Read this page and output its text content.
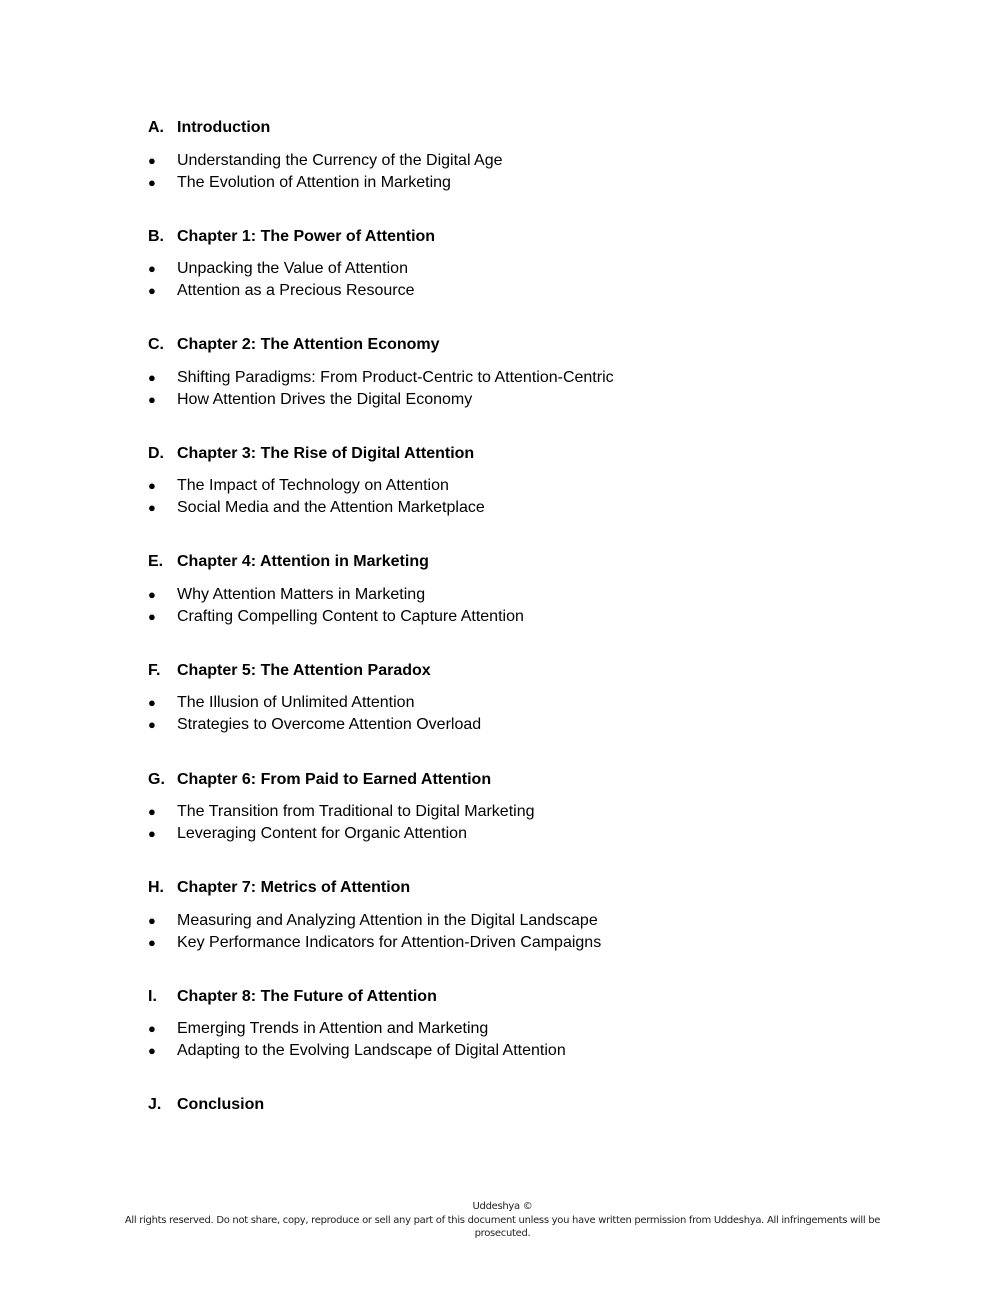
A. Introduction
●	Understanding the Currency of the Digital Age
●	The Evolution of Attention in Marketing
B. Chapter 1: The Power of Attention
●	Unpacking the Value of Attention
●	Attention as a Precious Resource
C. Chapter 2: The Attention Economy
●	Shifting Paradigms: From Product-Centric to Attention-Centric
●	How Attention Drives the Digital Economy
D. Chapter 3: The Rise of Digital Attention
●	The Impact of Technology on Attention
●	Social Media and the Attention Marketplace
E. Chapter 4: Attention in Marketing
●	Why Attention Matters in Marketing
●	Crafting Compelling Content to Capture Attention
F.	Chapter 5: The Attention Paradox
●	The Illusion of Unlimited Attention
●	Strategies to Overcome Attention Overload
G. Chapter 6: From Paid to Earned Attention
●	The Transition from Traditional to Digital Marketing
●	Leveraging Content for Organic Attention
H. Chapter 7: Metrics of Attention
●	Measuring and Analyzing Attention in the Digital Landscape
●	Key Performance Indicators for Attention-Driven Campaigns
I.	Chapter 8: The Future of Attention
●	Emerging Trends in Attention and Marketing
●	Adapting to the Evolving Landscape of Digital Attention
J. Conclusion
Uddeshya ©
All rights reserved. Do not share, copy, reproduce or sell any part of this document unless you have written permission from Uddeshya. All infringements will be prosecuted.
